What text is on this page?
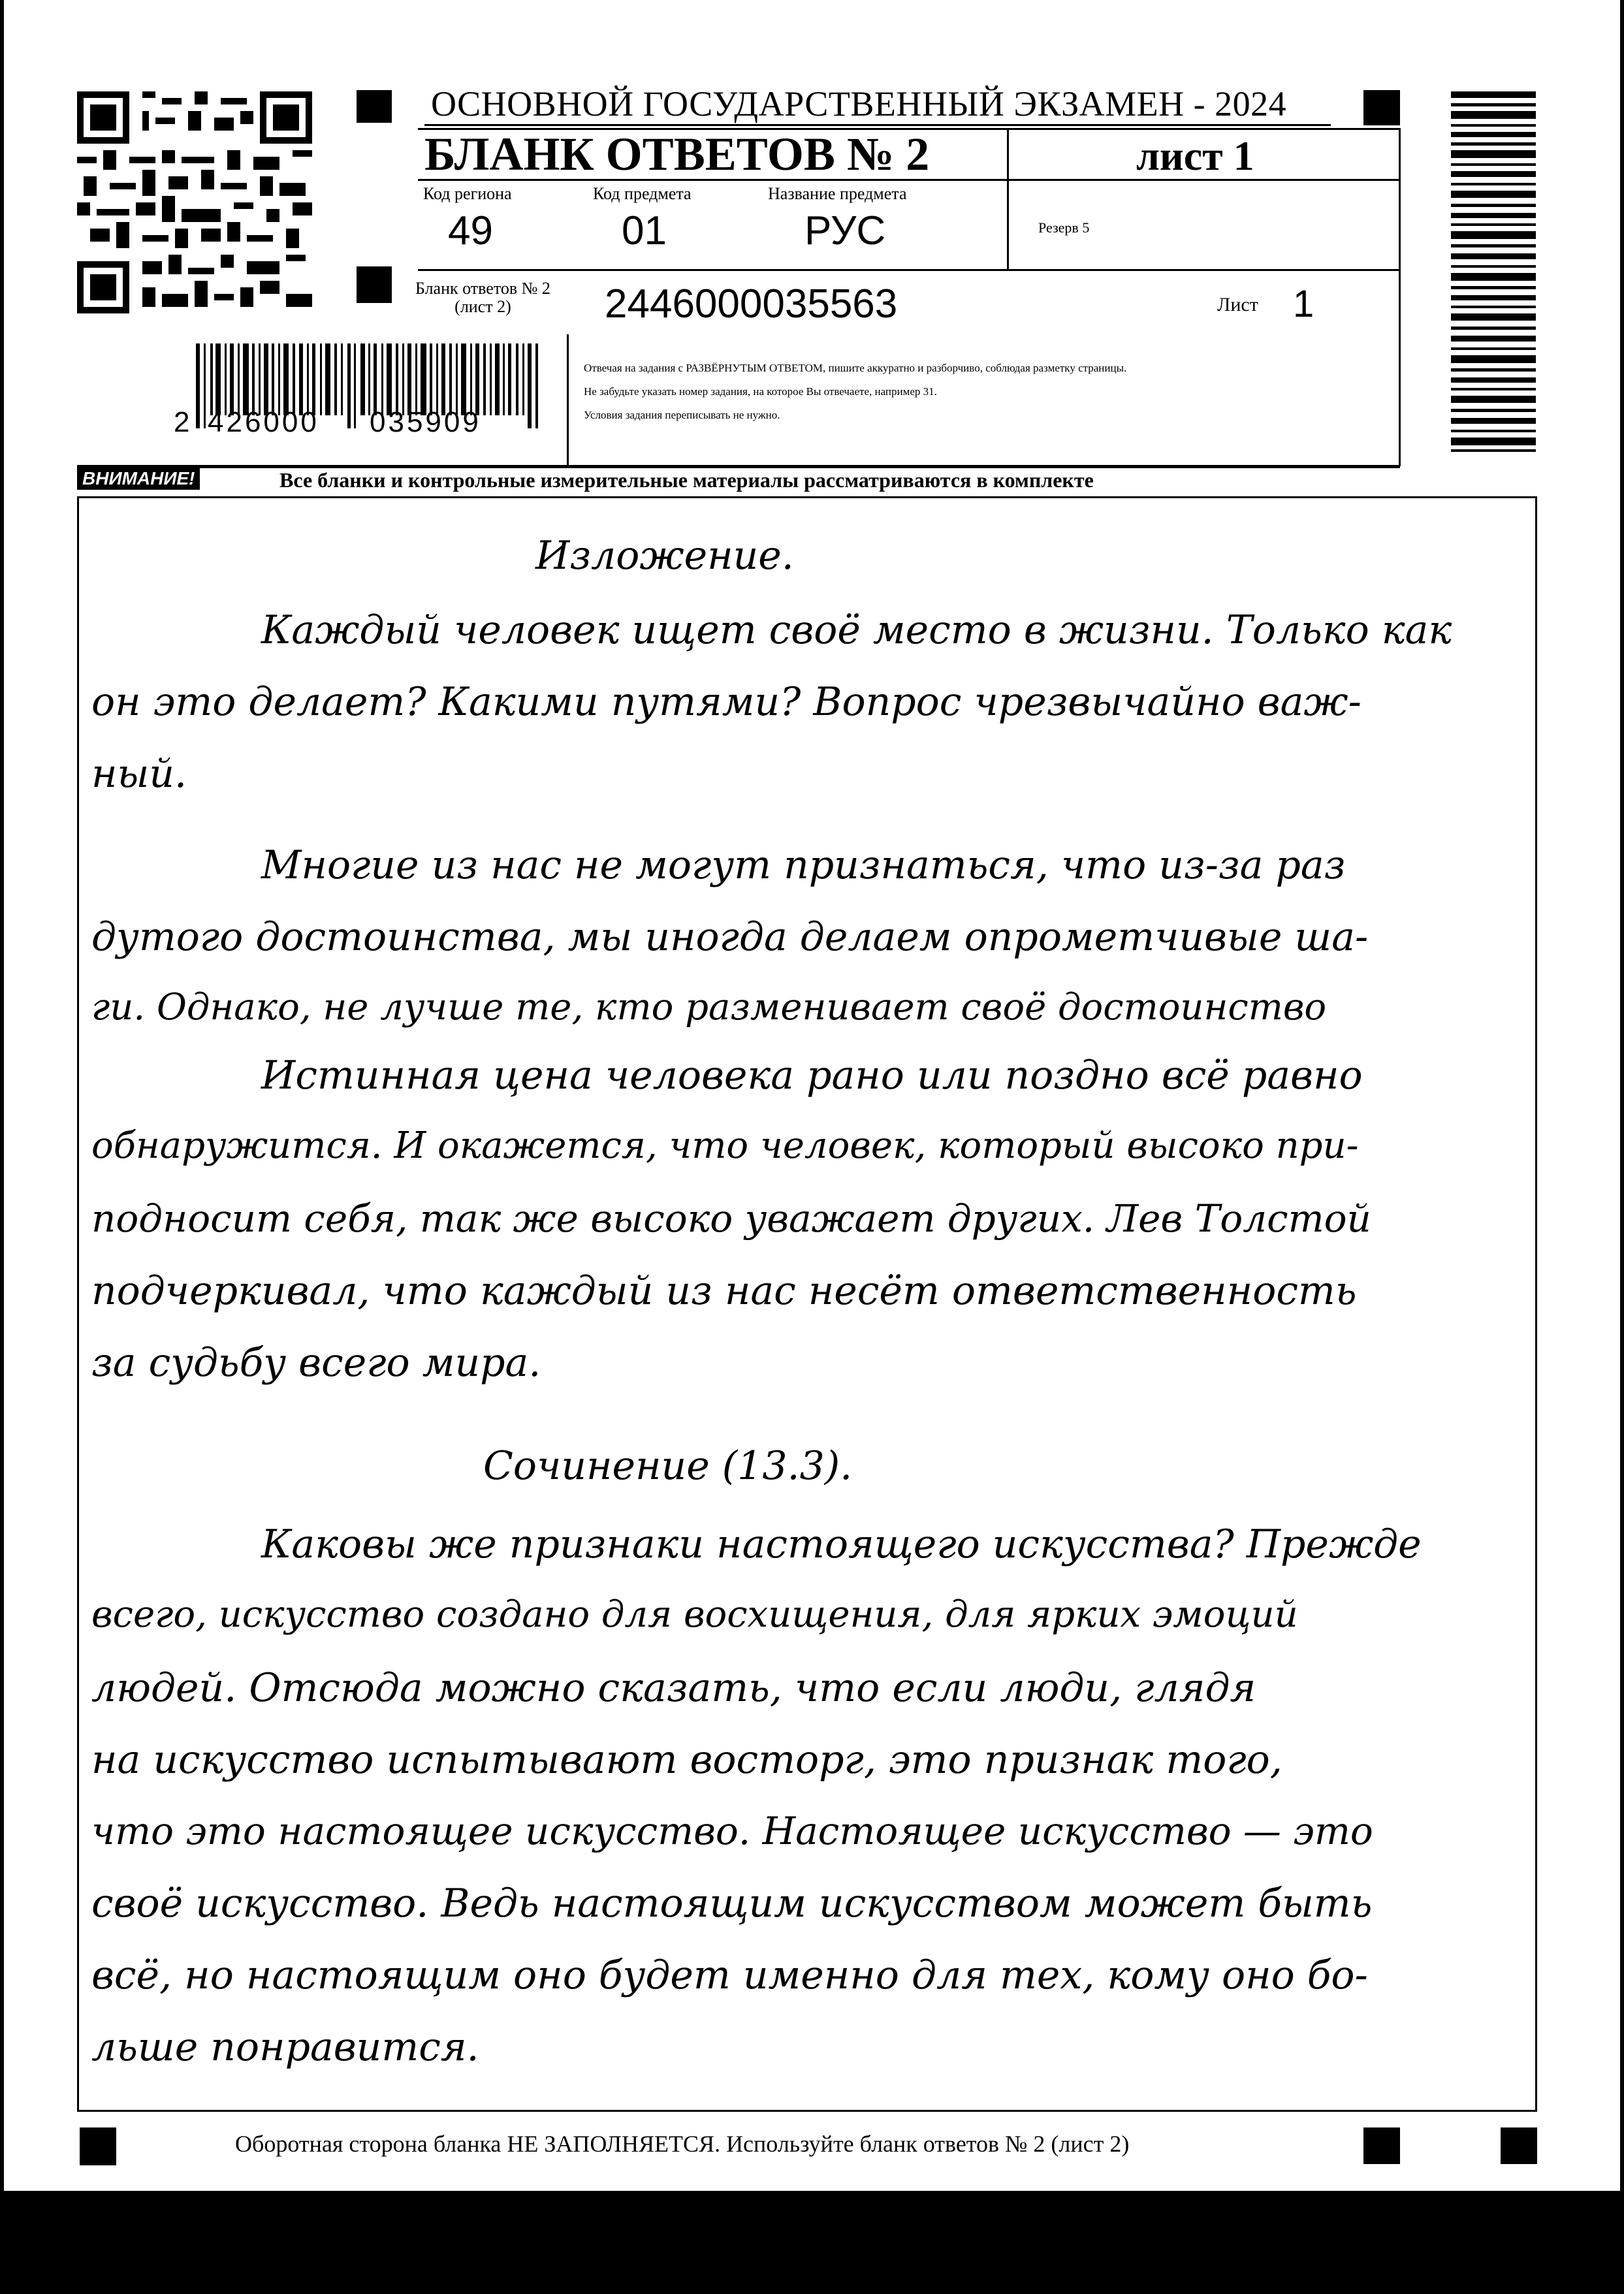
ОСНОВНОЙ ГОСУДАРСТВЕННЫЙ ЭКЗАМЕН - 2024
БЛАНК ОТВЕТОВ № 2	лист 1
Код региона
49
Код предмета
01
Название предмета
РУС	Резерв 5
Бланк ответов № 2
(лист 2)	2446000035563	Лист 1
2 426000 035909
Отвечая на задания с РАЗВЁРНУТЫМ ОТВЕТОМ, пишите аккуратно и разборчиво, соблюдая разметку страницы.
Не забудьте указать номер задания, на которое Вы отвечаете, например 31.
Условия задания переписывать не нужно.
ВНИМАНИЕ!	Все бланки и контрольные измерительные материалы рассматриваются в комплекте
Изложение.
Каждый человек ищет своё место в жизни. Только как
он это делает? Какими путями? Вопрос чрезвычайно важ-
ный.
Многие из нас не могут признаться, что из-за раз
дутого достоинства, мы иногда делаем опрометчивые ша-
ги. Однако, не лучше те, кто разменивает своё достоинство
Истинная цена человека рано или поздно всё равно
обнаружится. И окажется, что человек, который высоко при-
подносит себя, так же высоко уважает других. Лев Толстой
подчеркивал, что каждый из нас несёт ответственность
за судьбу всего мира.
Сочинение (13.3).
Каковы же признаки настоящего искусства? Прежде
всего, искусство создано для восхищения, для ярких эмоций
людей. Отсюда можно сказать, что если люди, глядя
на искусство испытывают восторг, это признак того,
что это настоящее искусство. Настоящее искусство — это
своё искусство. Ведь настоящим искусством может быть
всё, но настоящим оно будет именно для тех, кому оно бо-
льше понравится.
Оборотная сторона бланка НЕ ЗАПОЛНЯЕТСЯ. Используйте бланк ответов № 2 (лист 2)
